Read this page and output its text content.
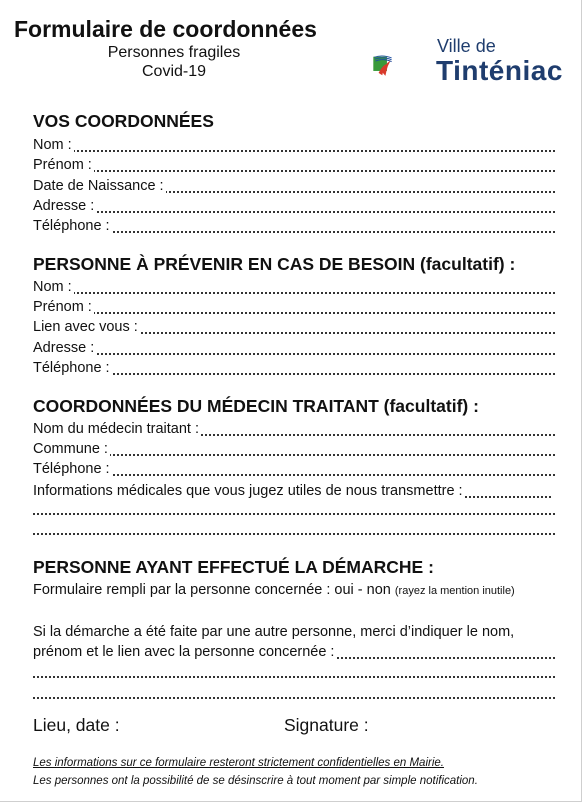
Formulaire de coordonnées
Personnes fragiles
Covid-19
Ville de
Tinténiac
VOS COORDONNÉES
Nom :
Prénom :
Date de Naissance :
Adresse :
Téléphone :
PERSONNE À PRÉVENIR EN CAS DE BESOIN (facultatif) :
Nom :
Prénom :
Lien avec vous :
Adresse :
Téléphone :
COORDONNÉES DU MÉDECIN TRAITANT (facultatif) :
Nom du médecin traitant :
Commune :
Téléphone :
Informations médicales que vous jugez utiles de nous transmettre :
PERSONNE AYANT EFFECTUÉ LA DÉMARCHE :
Formulaire rempli par la personne concernée : oui - non (rayez la mention inutile)
Si la démarche a été faite par une autre personne, merci d’indiquer le nom,
prénom et le lien avec la personne concernée :
Lieu, date :	Signature :
Les informations sur ce formulaire resteront strictement confidentielles en Mairie.
Les personnes ont la possibilité de se désinscrire à tout moment par simple notification.
